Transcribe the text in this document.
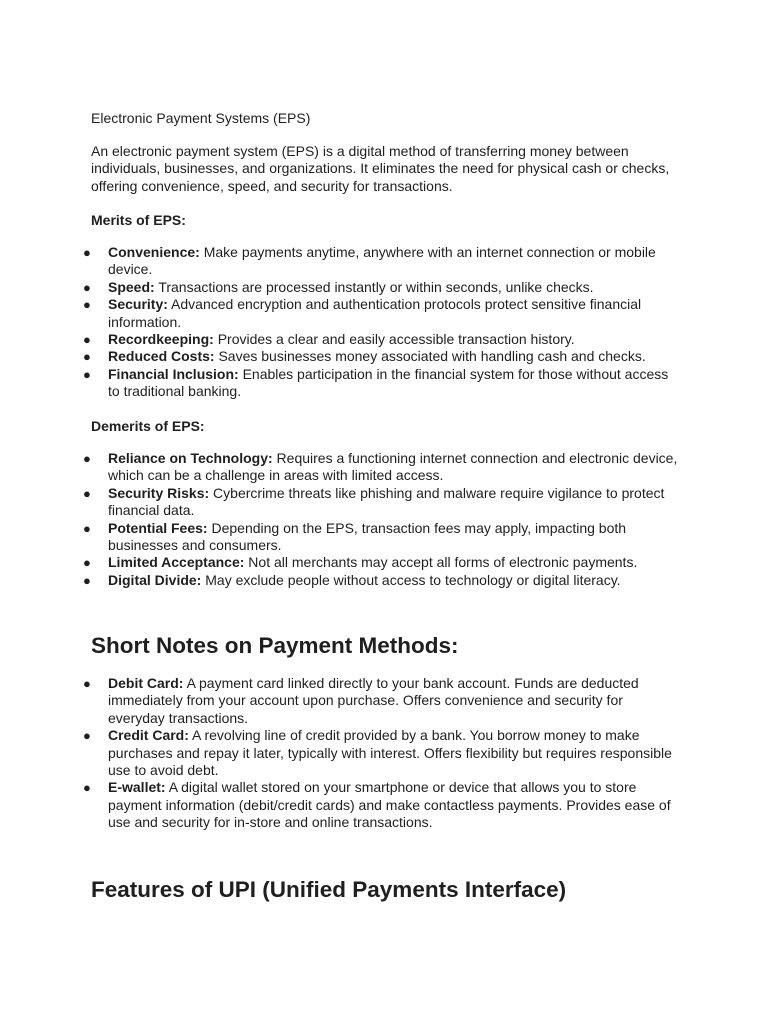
Electronic Payment Systems (EPS)

An electronic payment system (EPS) is a digital method of transferring money between individuals, businesses, and organizations. It eliminates the need for physical cash or checks, offering convenience, speed, and security for transactions.

Merits of EPS:

● Convenience: Make payments anytime, anywhere with an internet connection or mobile device.
● Speed: Transactions are processed instantly or within seconds, unlike checks.
● Security: Advanced encryption and authentication protocols protect sensitive financial information.
● Recordkeeping: Provides a clear and easily accessible transaction history.
● Reduced Costs: Saves businesses money associated with handling cash and checks.
● Financial Inclusion: Enables participation in the financial system for those without access to traditional banking.

Demerits of EPS:

● Reliance on Technology: Requires a functioning internet connection and electronic device, which can be a challenge in areas with limited access.
● Security Risks: Cybercrime threats like phishing and malware require vigilance to protect financial data.
● Potential Fees: Depending on the EPS, transaction fees may apply, impacting both businesses and consumers.
● Limited Acceptance: Not all merchants may accept all forms of electronic payments.
● Digital Divide: May exclude people without access to technology or digital literacy.
Short Notes on Payment Methods:
● Debit Card: A payment card linked directly to your bank account. Funds are deducted immediately from your account upon purchase. Offers convenience and security for everyday transactions.
● Credit Card: A revolving line of credit provided by a bank. You borrow money to make purchases and repay it later, typically with interest. Offers flexibility but requires responsible use to avoid debt.
● E-wallet: A digital wallet stored on your smartphone or device that allows you to store payment information (debit/credit cards) and make contactless payments. Provides ease of use and security for in-store and online transactions.
Features of UPI (Unified Payments Interface)
